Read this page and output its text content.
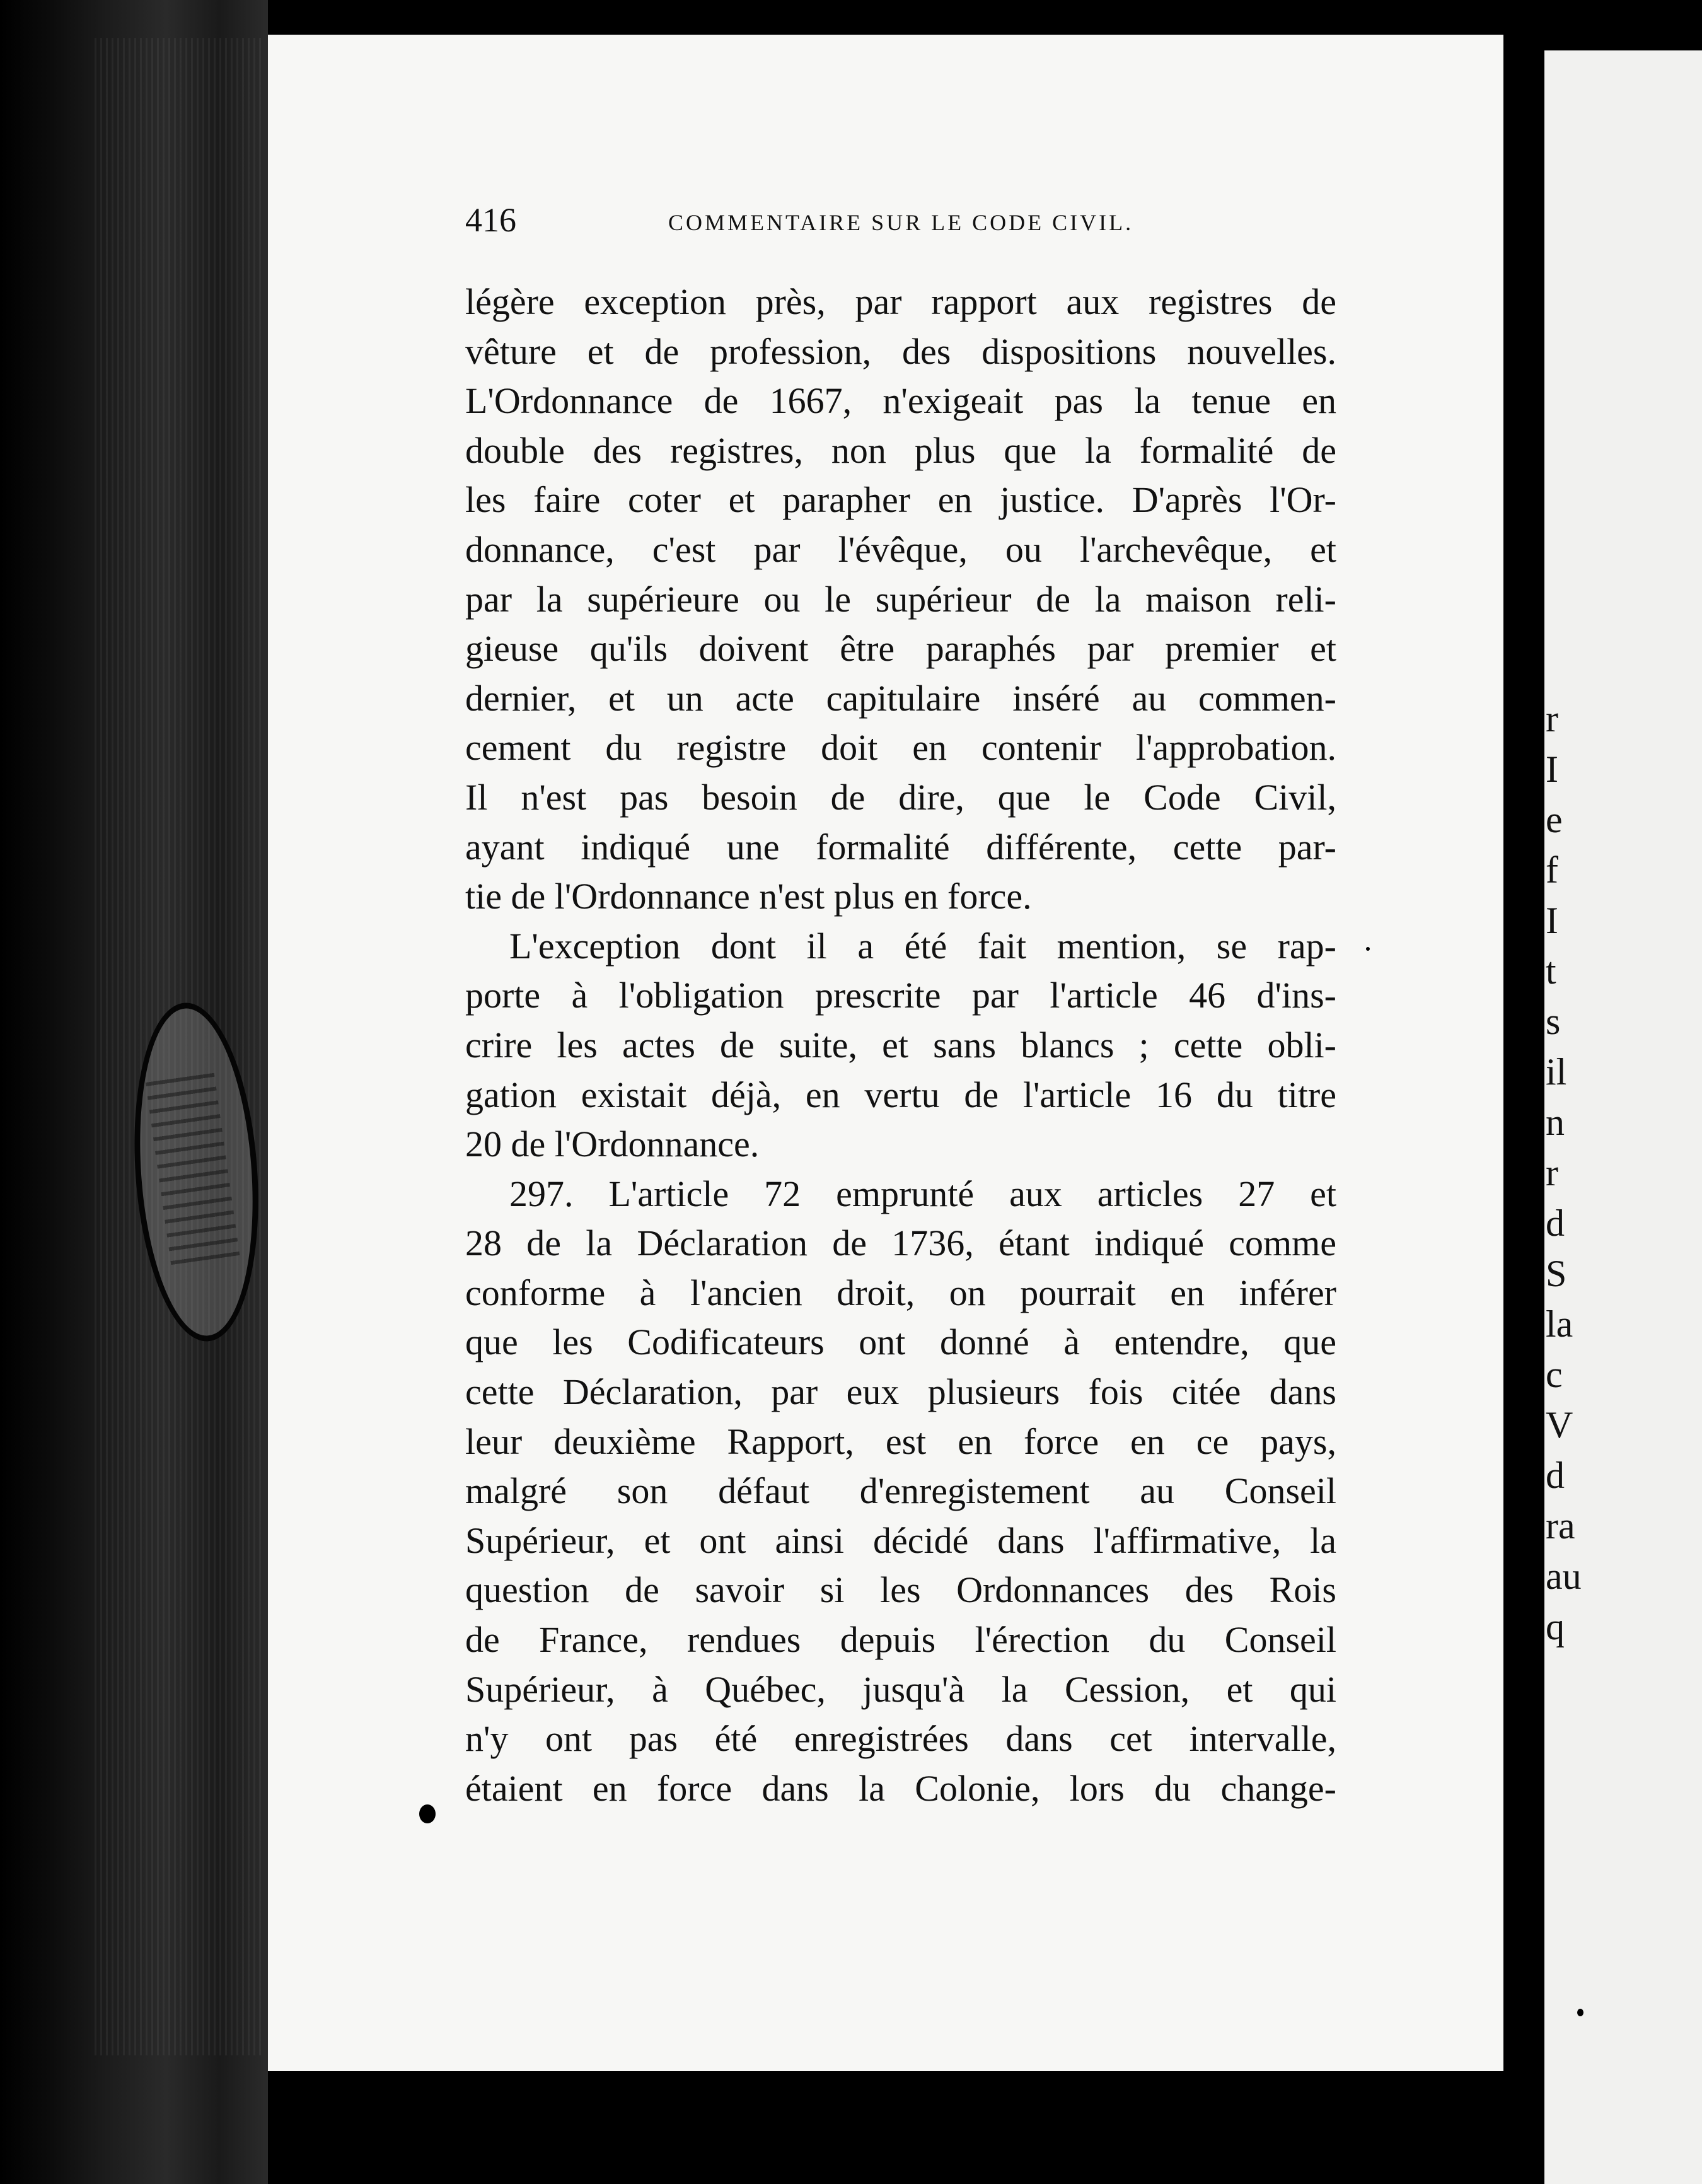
416	COMMENTAIRE SUR LE CODE CIVIL.
légère exception près, par rapport aux registres de
vêture et de profession, des dispositions nouvelles.
L'Ordonnance de 1667, n'exigeait pas la tenue en
double des registres, non plus que la formalité de
les faire coter et parapher en justice. D'après l'Or-
donnance, c'est par l'évêque, ou l'archevêque, et
par la supérieure ou le supérieur de la maison reli-
gieuse qu'ils doivent être paraphés par premier et
dernier, et un acte capitulaire inséré au commen-
cement du registre doit en contenir l'approbation.
Il n'est pas besoin de dire, que le Code Civil,
ayant indiqué une formalité différente, cette par-
tie de l'Ordonnance n'est plus en force.
L'exception dont il a été fait mention, se rap-
porte à l'obligation prescrite par l'article 46 d'ins-
crire les actes de suite, et sans blancs ; cette obli-
gation existait déjà, en vertu de l'article 16 du titre
20 de l'Ordonnance.
297. L'article 72 emprunté aux articles 27 et
28 de la Déclaration de 1736, étant indiqué comme
conforme à l'ancien droit, on pourrait en inférer
que les Codificateurs ont donné à entendre, que
cette Déclaration, par eux plusieurs fois citée dans
leur deuxième Rapport, est en force en ce pays,
malgré son défaut d'enregistement au Conseil
Supérieur, et ont ainsi décidé dans l'affirmative, la
question de savoir si les Ordonnances des Rois
de France, rendues depuis l'érection du Conseil
Supérieur, à Québec, jusqu'à la Cession, et qui
n'y ont pas été enregistrées dans cet intervalle,
étaient en force dans la Colonie, lors du change-
r
I
e
f
I
t
s
il
n
r
d
S
la
c
V
d
ra
au
q
